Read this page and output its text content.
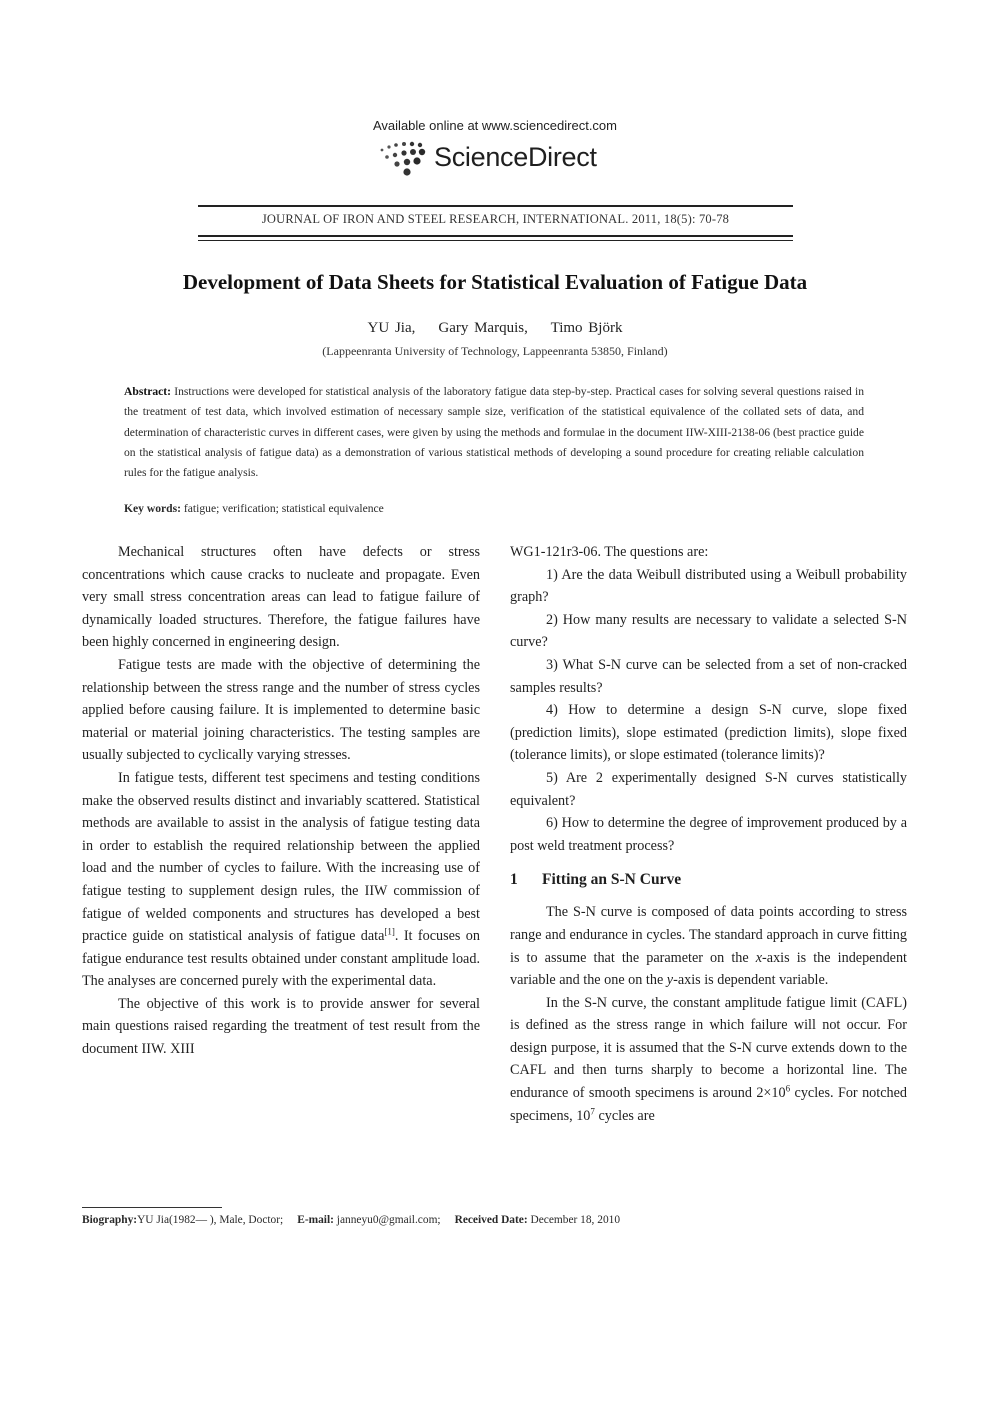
Available online at www.sciencedirect.com
ScienceDirect
JOURNAL OF IRON AND STEEL RESEARCH, INTERNATIONAL. 2011, 18(5): 70-78
Development of Data Sheets for Statistical Evaluation of Fatigue Data
YU Jia,    Gary Marquis,    Timo Björk
(Lappeenranta University of Technology, Lappeenranta 53850, Finland)
Abstract: Instructions were developed for statistical analysis of the laboratory fatigue data step-by-step. Practical cases for solving several questions raised in the treatment of test data, which involved estimation of necessary sample size, verification of the statistical equivalence of the collated sets of data, and determination of characteristic curves in different cases, were given by using the methods and formulae in the document IIW-XIII-2138-06 (best practice guide on the statistical analysis of fatigue data) as a demonstration of various statistical methods of developing a sound procedure for creating reliable calculation rules for the fatigue analysis.
Key words: fatigue; verification; statistical equivalence

Mechanical structures often have defects or stress concentrations which cause cracks to nucleate and propagate. Even very small stress concentration areas can lead to fatigue failure of dynamically loaded structures. Therefore, the fatigue failures have been highly concerned in engineering design.

Fatigue tests are made with the objective of determining the relationship between the stress range and the number of stress cycles applied before causing failure. It is implemented to determine basic material or material joining characteristics. The testing samples are usually subjected to cyclically varying stresses.

In fatigue tests, different test specimens and testing conditions make the observed results distinct and invariably scattered. Statistical methods are available to assist in the analysis of fatigue testing data in order to establish the required relationship between the applied load and the number of cycles to failure. With the increasing use of fatigue testing to supplement design rules, the IIW commission of fatigue of welded components and structures has developed a best practice guide on statistical analysis of fatigue data[1]. It focuses on fatigue endurance test results obtained under constant amplitude load. The analyses are concerned purely with the experimental data.

The objective of this work is to provide answer for several main questions raised regarding the treatment of test result from the document IIW. XIII

WG1-121r3-06. The questions are:

1) Are the data Weibull distributed using a Weibull probability graph?

2) How many results are necessary to validate a selected S-N curve?

3) What S-N curve can be selected from a set of non-cracked samples results?

4) How to determine a design S-N curve, slope fixed (prediction limits), slope estimated (prediction limits), slope fixed (tolerance limits), or slope estimated (tolerance limits)?

5) Are 2 experimentally designed S-N curves statistically equivalent?

6) How to determine the degree of improvement produced by a post weld treatment process?

1 Fitting an S-N Curve

The S-N curve is composed of data points according to stress range and endurance in cycles. The standard approach in curve fitting is to assume that the parameter on the x-axis is the independent variable and the one on the y-axis is dependent variable.

In the S-N curve, the constant amplitude fatigue limit (CAFL) is defined as the stress range in which failure will not occur. For design purpose, it is assumed that the S-N curve extends down to the CAFL and then turns sharply to become a horizontal line. The endurance of smooth specimens is around $2\times 10^6$ cycles. For notched specimens, $10^7$ cycles are

Biography:YU Jia(1982— ), Male, Doctor; E-mail: janneyu0@gmail.com; Received Date: December 18, 2010
